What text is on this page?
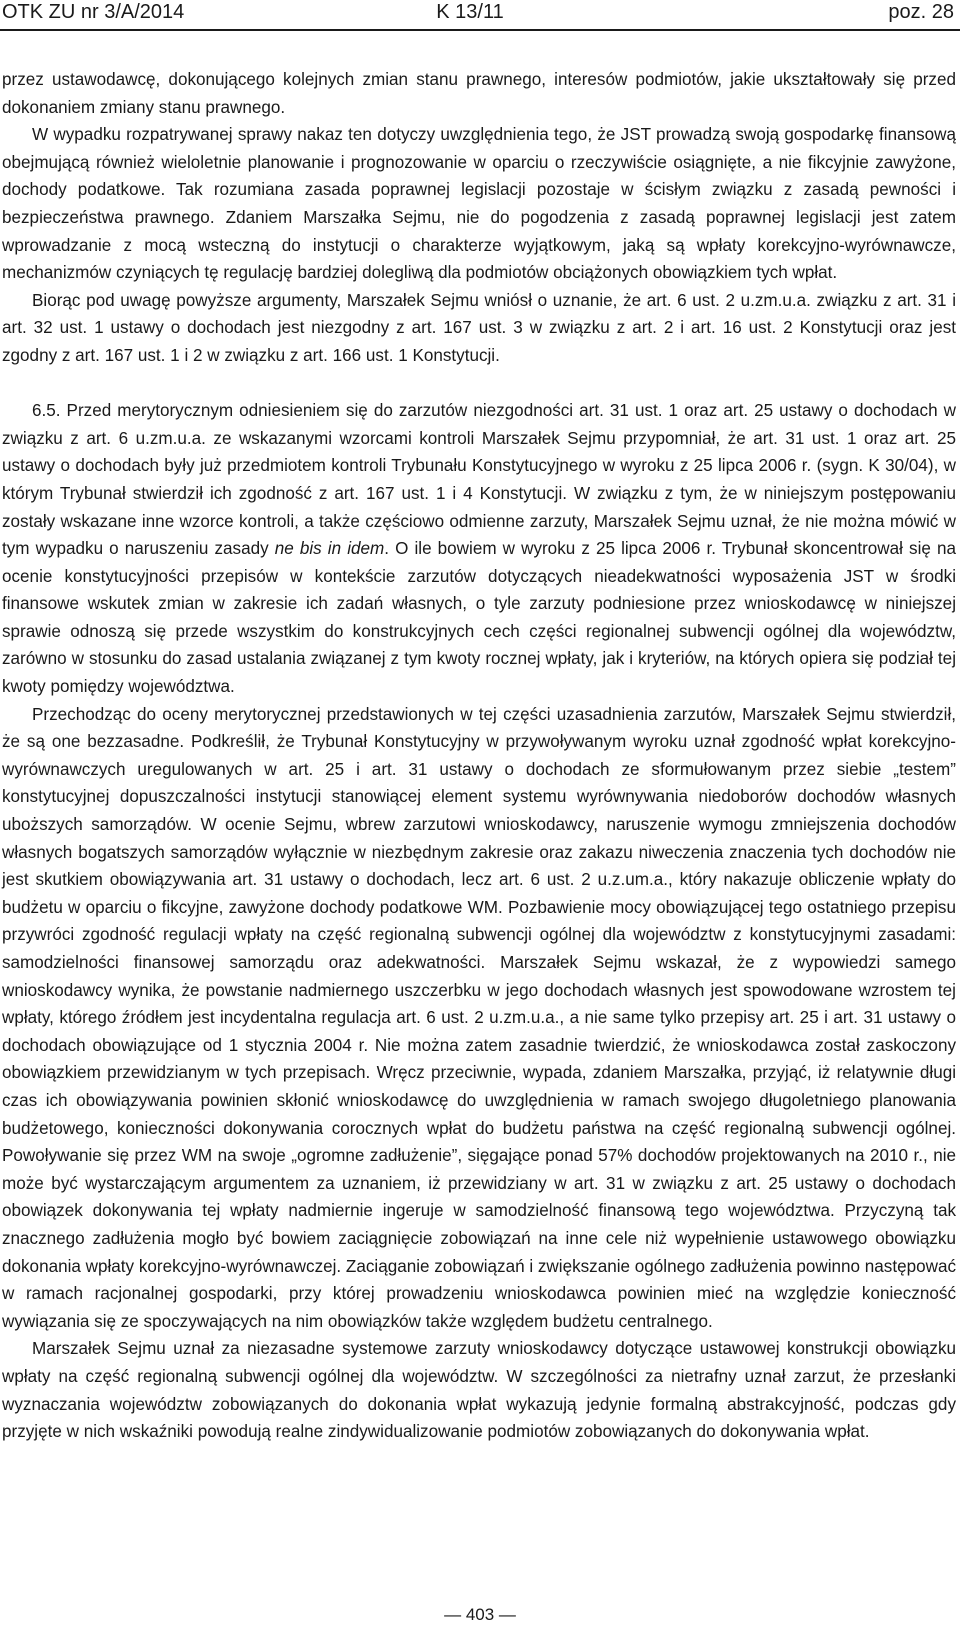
OTK ZU nr 3/A/2014	K 13/11	poz. 28

przez ustawodawcę, dokonującego kolejnych zmian stanu prawnego, interesów podmiotów, jakie ukształtowały się przed dokonaniem zmiany stanu prawnego.

W wypadku rozpatrywanej sprawy nakaz ten dotyczy uwzględnienia tego, że JST prowadzą swoją gospodarkę finansową obejmującą również wieloletnie planowanie i prognozowanie w oparciu o rzeczywiście osiągnięte, a nie fikcyjnie zawyżone, dochody podatkowe. Tak rozumiana zasada poprawnej legislacji pozostaje w ścisłym związku z zasadą pewności i bezpieczeństwa prawnego. Zdaniem Marszałka Sejmu, nie do pogodzenia z zasadą poprawnej legislacji jest zatem wprowadzanie z mocą wsteczną do instytucji o charakterze wyjątkowym, jaką są wpłaty korekcyjno-wyrównawcze, mechanizmów czyniących tę regulację bardziej dolegliwą dla podmiotów obciążonych obowiązkiem tych wpłat.

Biorąc pod uwagę powyższe argumenty, Marszałek Sejmu wniósł o uznanie, że art. 6 ust. 2 u.zm.u.a. związku z art. 31 i art. 32 ust. 1 ustawy o dochodach jest niezgodny z art. 167 ust. 3 w związku z art. 2 i art. 16 ust. 2 Konstytucji oraz jest zgodny z art. 167 ust. 1 i 2 w związku z art. 166 ust. 1 Konstytucji.

6.5. Przed merytorycznym odniesieniem się do zarzutów niezgodności art. 31 ust. 1 oraz art. 25 ustawy o dochodach w związku z art. 6 u.zm.u.a. ze wskazanymi wzorcami kontroli Marszałek Sejmu przypomniał, że art. 31 ust. 1 oraz art. 25 ustawy o dochodach były już przedmiotem kontroli Trybunału Konstytucyjnego w wyroku z 25 lipca 2006 r. (sygn. K 30/04), w którym Trybunał stwierdził ich zgodność z art. 167 ust. 1 i 4 Konstytucji. W związku z tym, że w niniejszym postępowaniu zostały wskazane inne wzorce kontroli, a także częściowo odmienne zarzuty, Marszałek Sejmu uznał, że nie można mówić w tym wypadku o naruszeniu zasady ne bis in idem. O ile bowiem w wyroku z 25 lipca 2006 r. Trybunał skoncentrował się na ocenie konstytucyjności przepisów w kontekście zarzutów dotyczących nieadekwatności wyposażenia JST w środki finansowe wskutek zmian w zakresie ich zadań własnych, o tyle zarzuty podniesione przez wnioskodawcę w niniejszej sprawie odnoszą się przede wszystkim do konstrukcyjnych cech części regionalnej subwencji ogólnej dla województw, zarówno w stosunku do zasad ustalania związanej z tym kwoty rocznej wpłaty, jak i kryteriów, na których opiera się podział tej kwoty pomiędzy województwa.

Przechodząc do oceny merytorycznej przedstawionych w tej części uzasadnienia zarzutów, Marszałek Sejmu stwierdził, że są one bezzasadne. Podkreślił, że Trybunał Konstytucyjny w przywoływanym wyroku uznał zgodność wpłat korekcyjno-wyrównawczych uregulowanych w art. 25 i art. 31 ustawy o dochodach ze sformułowanym przez siebie „testem” konstytucyjnej dopuszczalności instytucji stanowiącej element systemu wyrównywania niedoborów dochodów własnych uboższych samorządów. W ocenie Sejmu, wbrew zarzutowi wnioskodawcy, naruszenie wymogu zmniejszenia dochodów własnych bogatszych samorządów wyłącznie w niezbędnym zakresie oraz zakazu niweczenia znaczenia tych dochodów nie jest skutkiem obowiązywania art. 31 ustawy o dochodach, lecz art. 6 ust. 2 u.z.um.a., który nakazuje obliczenie wpłaty do budżetu w oparciu o fikcyjne, zawyżone dochody podatkowe WM. Pozbawienie mocy obowiązującej tego ostatniego przepisu przywróci zgodność regulacji wpłaty na część regionalną subwencji ogólnej dla województw z konstytucyjnymi zasadami: samodzielności finansowej samorządu oraz adekwatności. Marszałek Sejmu wskazał, że z wypowiedzi samego wnioskodawcy wynika, że powstanie nadmiernego uszczerbku w jego dochodach własnych jest spowodowane wzrostem tej wpłaty, którego źródłem jest incydentalna regulacja art. 6 ust. 2 u.zm.u.a., a nie same tylko przepisy art. 25 i art. 31 ustawy o dochodach obowiązujące od 1 stycznia 2004 r. Nie można zatem zasadnie twierdzić, że wnioskodawca został zaskoczony obowiązkiem przewidzianym w tych przepisach. Wręcz przeciwnie, wypada, zdaniem Marszałka, przyjąć, iż relatywnie długi czas ich obowiązywania powinien skłonić wnioskodawcę do uwzględnienia w ramach swojego długoletniego planowania budżetowego, konieczności dokonywania corocznych wpłat do budżetu państwa na część regionalną subwencji ogólnej. Powoływanie się przez WM na swoje „ogromne zadłużenie”, sięgające ponad 57% dochodów projektowanych na 2010 r., nie może być wystarczającym argumentem za uznaniem, iż przewidziany w art. 31 w związku z art. 25 ustawy o dochodach obowiązek dokonywania tej wpłaty nadmiernie ingeruje w samodzielność finansową tego województwa. Przyczyną tak znacznego zadłużenia mogło być bowiem zaciągnięcie zobowiązań na inne cele niż wypełnienie ustawowego obowiązku dokonania wpłaty korekcyjno-wyrównawczej. Zaciąganie zobowiązań i zwiększanie ogólnego zadłużenia powinno następować w ramach racjonalnej gospodarki, przy której prowadzeniu wnioskodawca powinien mieć na względzie konieczność wywiązania się ze spoczywających na nim obowiązków także względem budżetu centralnego.

Marszałek Sejmu uznał za niezasadne systemowe zarzuty wnioskodawcy dotyczące ustawowej konstrukcji obowiązku wpłaty na część regionalną subwencji ogólnej dla województw. W szczególności za nietrafny uznał zarzut, że przesłanki wyznaczania województw zobowiązanych do dokonania wpłat wykazują jedynie formalną abstrakcyjność, podczas gdy przyjęte w nich wskaźniki powodują realne zindywidualizowanie podmiotów zobowiązanych do dokonywania wpłat.

— 403 —
